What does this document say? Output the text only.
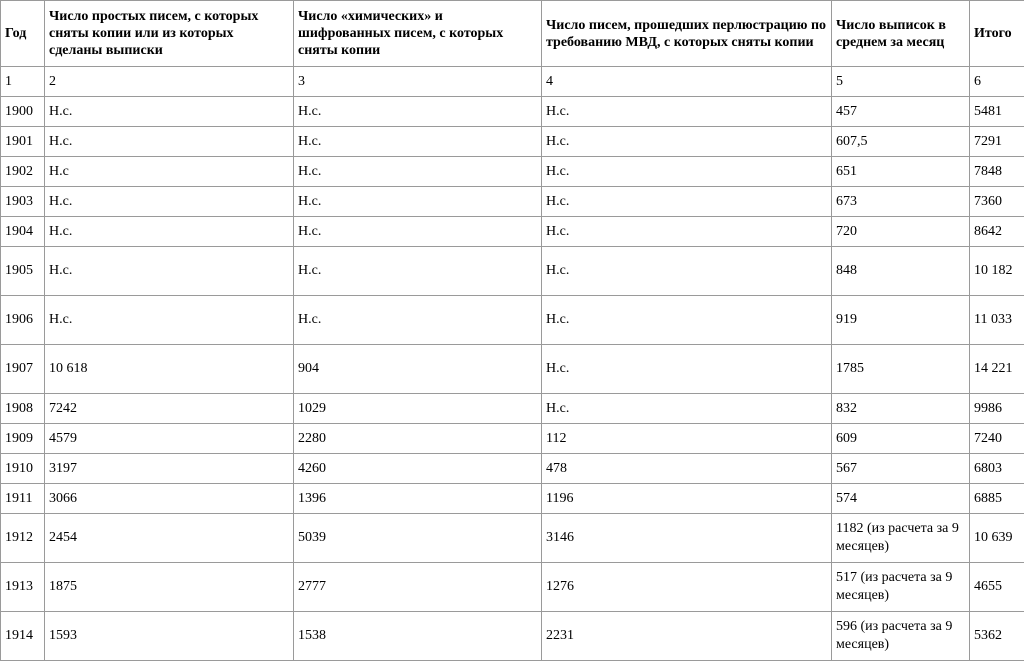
Год	Число простых писем, с которых сняты копии или из которых сделаны выписки	Число «химических» и шифрованных писем, с которых сняты копии	Число писем, прошедших перлюстрацию по требованию МВД, с которых сняты копии	Число выписок в среднем за месяц	Итого
1	2	3	4	5	6
1900	Н.с.	Н.с.	Н.с.	457	5481
1901	Н.с.	Н.с.	Н.с.	607,5	7291
1902	Н.с	Н.с.	Н.с.	651	7848
1903	Н.с.	Н.с.	Н.с.	673	7360
1904	Н.с.	Н.с.	Н.с.	720	8642
1905	Н.с.	Н.с.	Н.с.	848	10 182
1906	Н.с.	Н.с.	Н.с.	919	11 033
1907	10 618	904	Н.с.	1785	14 221
1908	7242	1029	Н.с.	832	9986
1909	4579	2280	112	609	7240
1910	3197	4260	478	567	6803
1911	3066	1396	1196	574	6885
1912	2454	5039	3146	1182 (из расчета за 9 месяцев)	10 639
1913	1875	2777	1276	517 (из расчета за 9 месяцев)	4655
1914	1593	1538	2231	596 (из расчета за 9 месяцев)	5362
